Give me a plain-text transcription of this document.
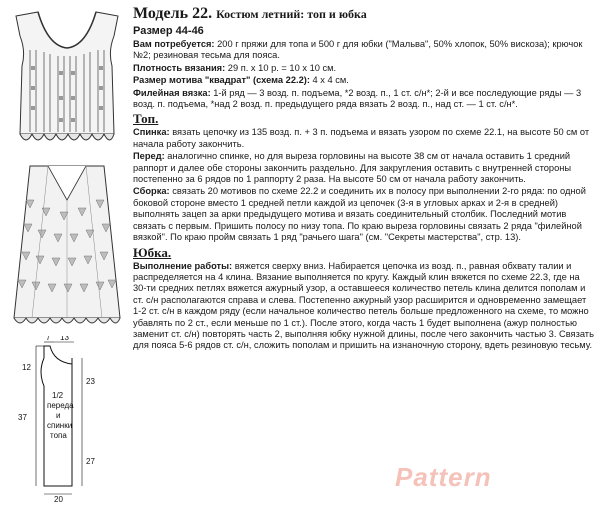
7 13
12
37
23
27
20
1/2
переда
и
спинки
топа
Модель 22. Костюм летний: топ и юбка
Размер 44-46

Вам потребуется: 200 г пряжи для топа и 500 г для юбки ("Мальва", 50% хлопок, 50% вискоза); крючок №2; резиновая тесьма для пояса.

Плотность вязания: 29 п. х 10 р. = 10 х 10 см.

Размер мотива "квадрат" (схема 22.2): 4 х 4 см.

Филейная вязка: 1-й ряд — 3 возд. п. подъема, *2 возд. п., 1 ст. с/н*; 2-й и все последующие ряды — 3 возд. п. подъема, *над 2 возд. п. предыдущего ряда вязать 2 возд. п., над ст. — 1 ст. с/н*.

Топ.

Спинка: вязать цепочку из 135 возд. п. + 3 п. подъема и вязать узором по схеме 22.1, на высоте 50 см от начала работу закончить.

Перед: аналогично спинке, но для выреза горловины на высоте 38 см от начала оставить 1 средний раппорт и далее обе стороны закончить раздельно. Для закругления оставить с внутренней стороны постепенно за 6 рядов по 1 раппорту 2 раза. На высоте 50 см от начала работу закончить.

Сборка: связать 20 мотивов по схеме 22.2 и соединить их в полосу при выполнении 2-го ряда: по одной боковой стороне вместо 1 средней петли каждой из цепочек (3-я в угловых арках и 2-я в средней) выполнять зацеп за арки предыдущего мотива и вязать соединительный столбик. Последний мотив связать с первым. Пришить полосу по низу топа. По краю выреза горловины связать 2 ряда "филейной вязкой". По краю пройм связать 1 ряд "рачьего шага" (см. "Секреты мастерства", стр. 13).

Юбка.

Выполнение работы: вяжется сверху вниз. Набирается цепочка из возд. п., равная обхвату талии и распределяется на 4 клина. Вязание выполняется по кругу. Каждый клин вяжется по схеме 22.3, где на 30-ти средних петлях вяжется ажурный узор, а оставшееся количество петель клина делится пополам и ст. с/н располагаются справа и слева. Постепенно ажурный узор расширится и одновременно замещает 1-2 ст. с/н в каждом ряду (если начальное количество петель больше предложенного на схеме, то можно убавлять по 2 ст., если меньше по 1 ст.). После этого, когда часть 1 будет выполнена (ажур полностью заменит ст. с/н) повторять часть 2, выполняя юбку нужной длины, после чего закончить частью 3. Связать для пояса 5-6 рядов ст. с/н, сложить пополам и пришить на изнаночную сторону, вдеть резиновую тесьму.

Pattern
